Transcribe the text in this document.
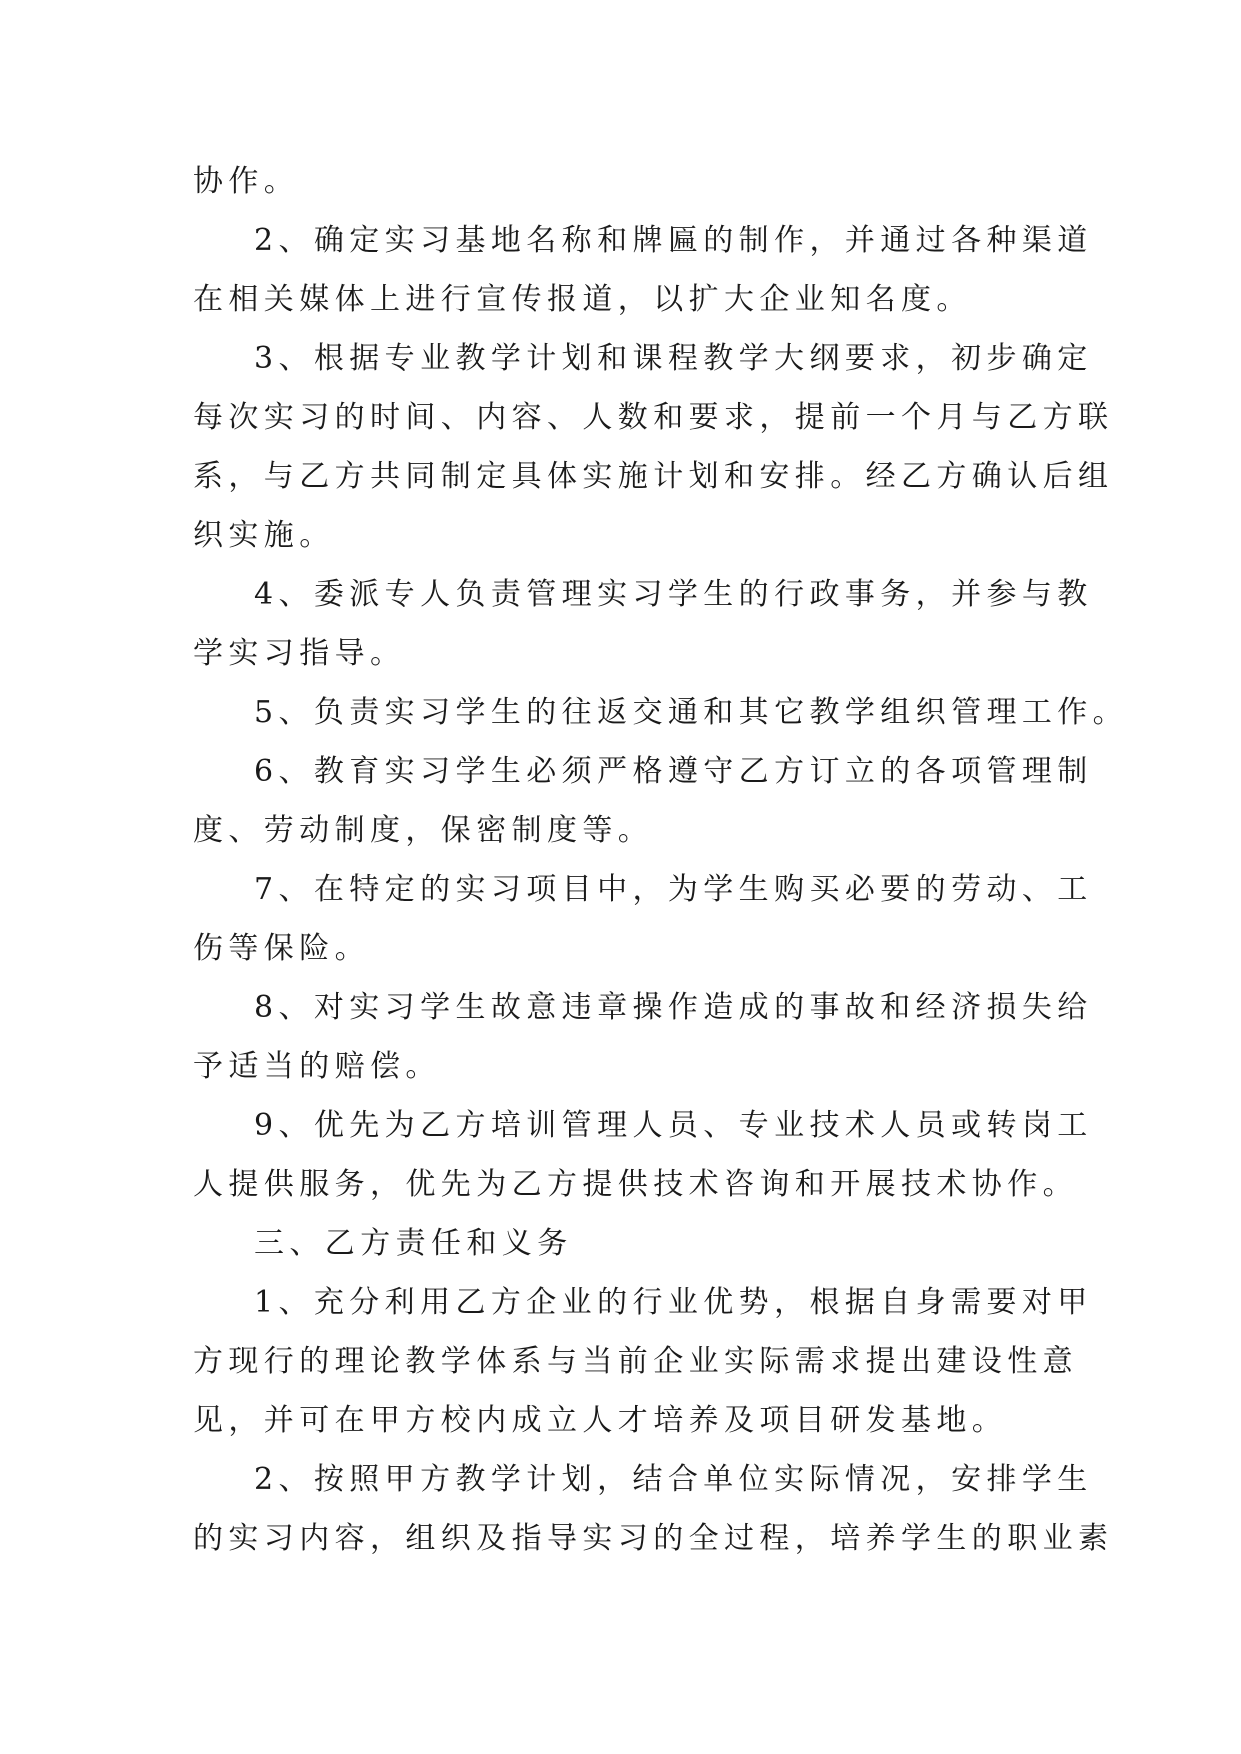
协作。
2、确定实习基地名称和牌匾的制作，并通过各种渠道
在相关媒体上进行宣传报道，以扩大企业知名度。
3、根据专业教学计划和课程教学大纲要求，初步确定
每次实习的时间、内容、人数和要求，提前一个月与乙方联
系，与乙方共同制定具体实施计划和安排。经乙方确认后组
织实施。
4、委派专人负责管理实习学生的行政事务，并参与教
学实习指导。
5、负责实习学生的往返交通和其它教学组织管理工作。
6、教育实习学生必须严格遵守乙方订立的各项管理制
度、劳动制度，保密制度等。
7、在特定的实习项目中，为学生购买必要的劳动、工
伤等保险。
8、对实习学生故意违章操作造成的事故和经济损失给
予适当的赔偿。
9、优先为乙方培训管理人员、专业技术人员或转岗工
人提供服务，优先为乙方提供技术咨询和开展技术协作。
三、乙方责任和义务
1、充分利用乙方企业的行业优势，根据自身需要对甲
方现行的理论教学体系与当前企业实际需求提出建设性意
见，并可在甲方校内成立人才培养及项目研发基地。
2、按照甲方教学计划，结合单位实际情况，安排学生
的实习内容，组织及指导实习的全过程，培养学生的职业素
